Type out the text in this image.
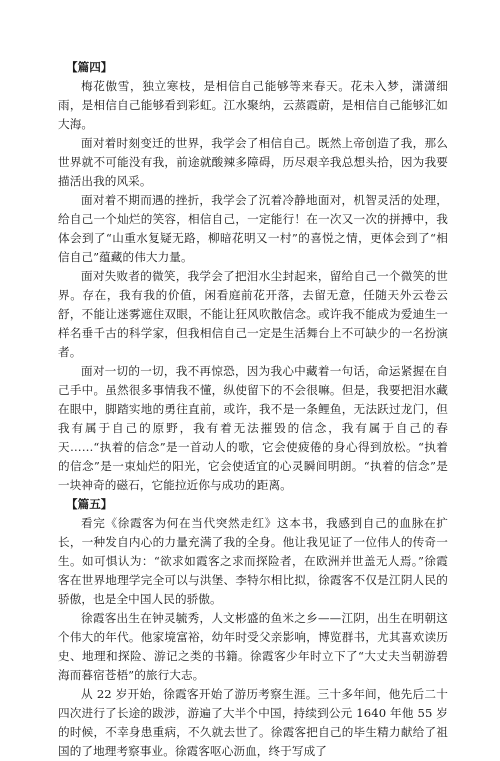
【篇四】

梅花傲雪，独立寒枝，是相信自己能够等来春天。花未入梦，潇潇细雨，是相信自己能够看到彩虹。江水聚纳，云蒸霞蔚，是相信自己能够汇如大海。

面对着时刻变迁的世界，我学会了相信自己。既然上帝创造了我，那么世界就不可能没有我，前途就酸辣多障碍，历尽艰辛我总想头拾，因为我要描活出我的风采。

面对着不期而遇的挫折，我学会了沉着冷静地面对，机智灵活的处理，给自己一个灿烂的笑容，相信自己，一定能行！在一次又一次的拼搏中，我体会到了“山重水复疑无路，柳暗花明又一村”的喜悦之情，更体会到了“相信自己”蕴藏的伟大力量。

面对失败者的微笑，我学会了把泪水尘封起来，留给自己一个微笑的世界。存在，我有我的价值，闲看庭前花开落，去留无意，任随天外云卷云舒，不能让迷雾遮住双眼，不能让狂风吹散信念。或许我不能成为爱迪生一样名垂千古的科学家，但我相信自己一定是生活舞台上不可缺少的一名扮演者。

面对一切的一切，我不再惊恐，因为我心中藏着一句话，命运紧握在自己手中。虽然很多事情我不懂，纵使留下的不会很嘛。但是，我要把泪水藏在眼中，脚踏实地的勇往直前，或许，我不是一条鲤鱼，无法跃过龙门，但我有属于自己的原野，我有着无法摧毁的信念，我有属于自己的春天……“执着的信念”是一首动人的歌，它会使疲倦的身心得到放松。“执着的信念”是一束灿烂的阳光，它会使适宜的心灵瞬间明朗。“执着的信念”是一块神奇的磁石，它能拉近你与成功的距离。

【篇五】

看完《徐霞客为何在当代突然走红》这本书，我感到自己的血脉在扩长，一种发自内心的力量充满了我的全身。他让我见证了一位伟人的传奇一生。如可惧认为：“欲求如霞客之求而探险者，在欧洲并世盖无人焉。”徐霞客在世界地理学完全可以与洪堡、李特尔相比拟，徐霞客不仅是江阴人民的骄傲，也是全中国人民的骄傲。

徐霞客出生在钟灵毓秀，人文彬盛的鱼米之乡——江阴，出生在明朝这个伟大的年代。他家境富裕，幼年时受父亲影响，博览群书，尤其喜欢读历史、地理和探险、游记之类的书籍。徐霞客少年时立下了“大丈夫当朝游碧海而暮宿苍梧”的旅行大志。

从 22 岁开始，徐霞客开始了游历考察生涯。三十多年间，他先后二十四次进行了长途的跋涉，游遍了大半个中国，持续到公元 1640 年他 55 岁的时候，不幸身患重病，不久就去世了。徐霞客把自己的毕生精力献给了祖国的了地理考察事业。徐霞客呕心沥血，终于写成了
